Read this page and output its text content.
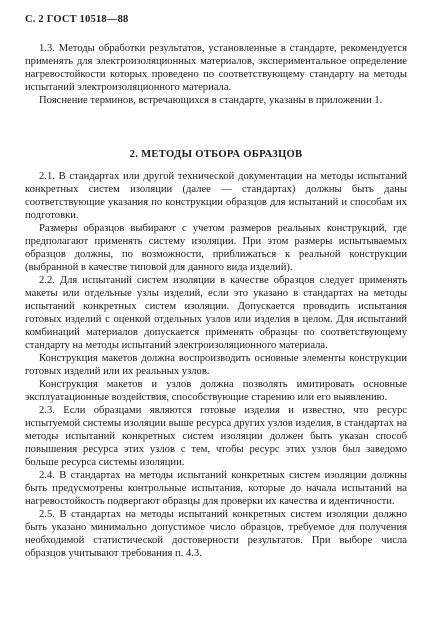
С. 2 ГОСТ 10518—88

1.3. Методы обработки результатов, установленные в стандарте, рекомендуется применять для электроизоляционных материалов, экспериментальное определение нагревостойкости которых проведено по соответствующему стандарту на методы испытаний электроизоляционного материала.

Пояснение терминов, встречающихся в стандарте, указаны в приложении 1.

2. МЕТОДЫ ОТБОРА ОБРАЗЦОВ

2.1. В стандартах или другой технической документации на методы испытаний конкретных систем изоляции (далее — стандартах) должны быть даны соответствующие указания по конструкции образцов для испытаний и способам их подготовки.

Размеры образцов выбирают с учетом размеров реальных конструкций, где предполагают применять систему изоляции. При этом размеры испытываемых образцов должны, по возможности, приближаться к реальной конструкции (выбранной в качестве типовой для данного вида изделий).

2.2. Для испытаний систем изоляции в качестве образцов следует применять макеты или отдельные узлы изделий, если это указано в стандартах на методы испытаний конкретных систем изоляции. Допускается проводить испытания готовых изделий с оценкой отдельных узлов или изделия в целом. Для испытаний комбинаций материалов допускается применять образцы по соответствующему стандарту на методы испытаний электроизоляционного материала.

Конструкция макетов должна воспроизводить основные элементы конструкции готовых изделий или их реальных узлов.

Конструкция макетов и узлов должна позволять имитировать основные эксплуатационные воздействия, способствующие старению или его выявлению.

2.3. Если образцами являются готовые изделия и известно, что ресурс испытуемой системы изоляции выше ресурса других узлов изделия, в стандартах на методы испытаний конкретных систем изоляции должен быть указан способ повышения ресурса этих узлов с тем, чтобы ресурс этих узлов был заведомо больше ресурса системы изоляции.

2.4. В стандартах на методы испытаний конкретных систем изоляции должны быть предусмотрены контрольные испытания, которые до начала испытаний на нагревостойкость подвергают образцы для проверки их качества и идентичности.

2.5. В стандартах на методы испытаний конкретных систем изоляции должно быть указано минимально допустимое число образцов, требуемое для получения необходимой статистической достоверности результатов. При выборе числа образцов учитывают требования п. 4.3.
